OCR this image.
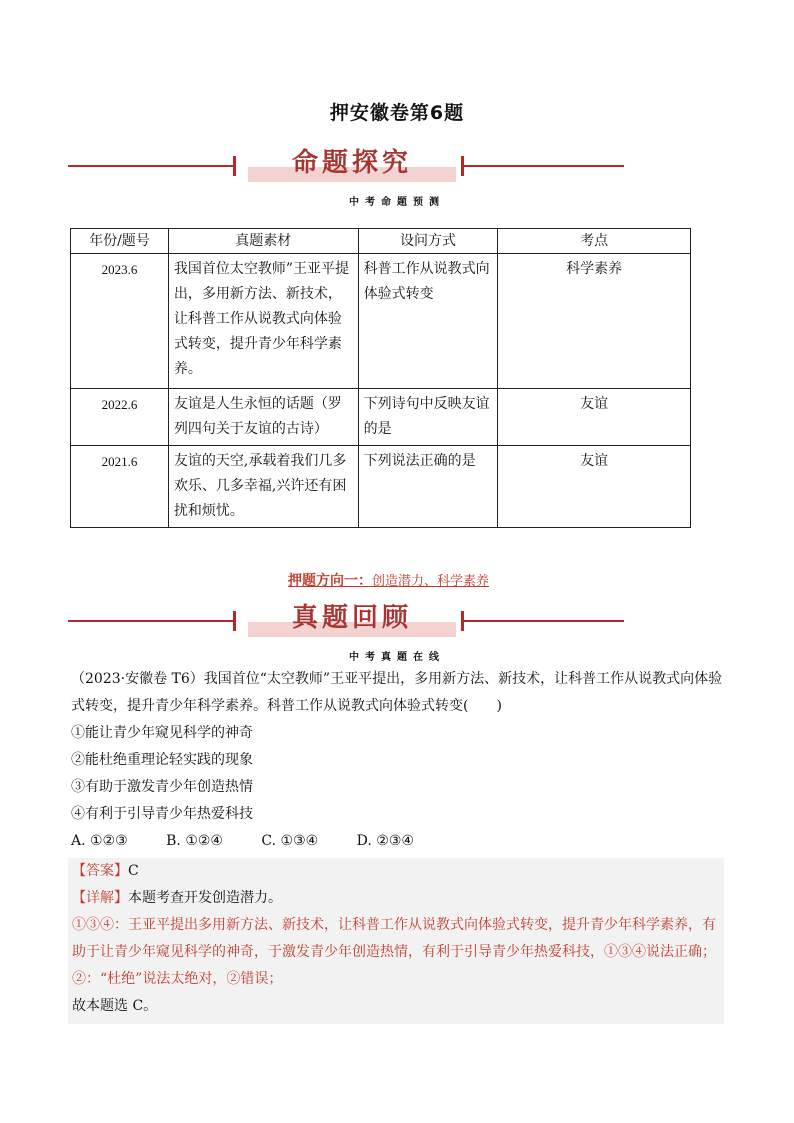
押安徽卷第6题
命题探究
中考命题预测
年份/题号	真题素材	设问方式	考点
2023.6	我国首位太空教师”王亚平提出，多用新方法、新技术，让科普工作从说教式向体验式转变，提升青少年科学素养。	科普工作从说教式向体验式转变	科学素养
2022.6	友谊是人生永恒的话题（罗列四句关于友谊的古诗）	下列诗句中反映友谊的是	友谊
2021.6	友谊的天空,承载着我们几多欢乐、几多幸福,兴许还有困扰和烦忧。	下列说法正确的是	友谊
押题方向一：创造潜力、科学素养
真题回顾
中考真题在线
（2023·安徽卷 T6）我国首位“太空教师”王亚平提出，多用新方法、新技术，让科普工作从说教式向体验式转变，提升青少年科学素养。科普工作从说教式向体验式转变(　　)
①能让青少年窥见科学的神奇
②能杜绝重理论轻实践的现象
③有助于激发青少年创造热情
④有利于引导青少年热爱科技
A. ①②③	B. ①②④	C. ①③④	D. ②③④
【答案】C
【详解】本题考查开发创造潜力。
①③④：王亚平提出多用新方法、新技术，让科普工作从说教式向体验式转变，提升青少年科学素养，有助于让青少年窥见科学的神奇，于激发青少年创造热情，有利于引导青少年热爱科技，①③④说法正确；
②：“杜绝”说法太绝对，②错误；
故本题选 C。
